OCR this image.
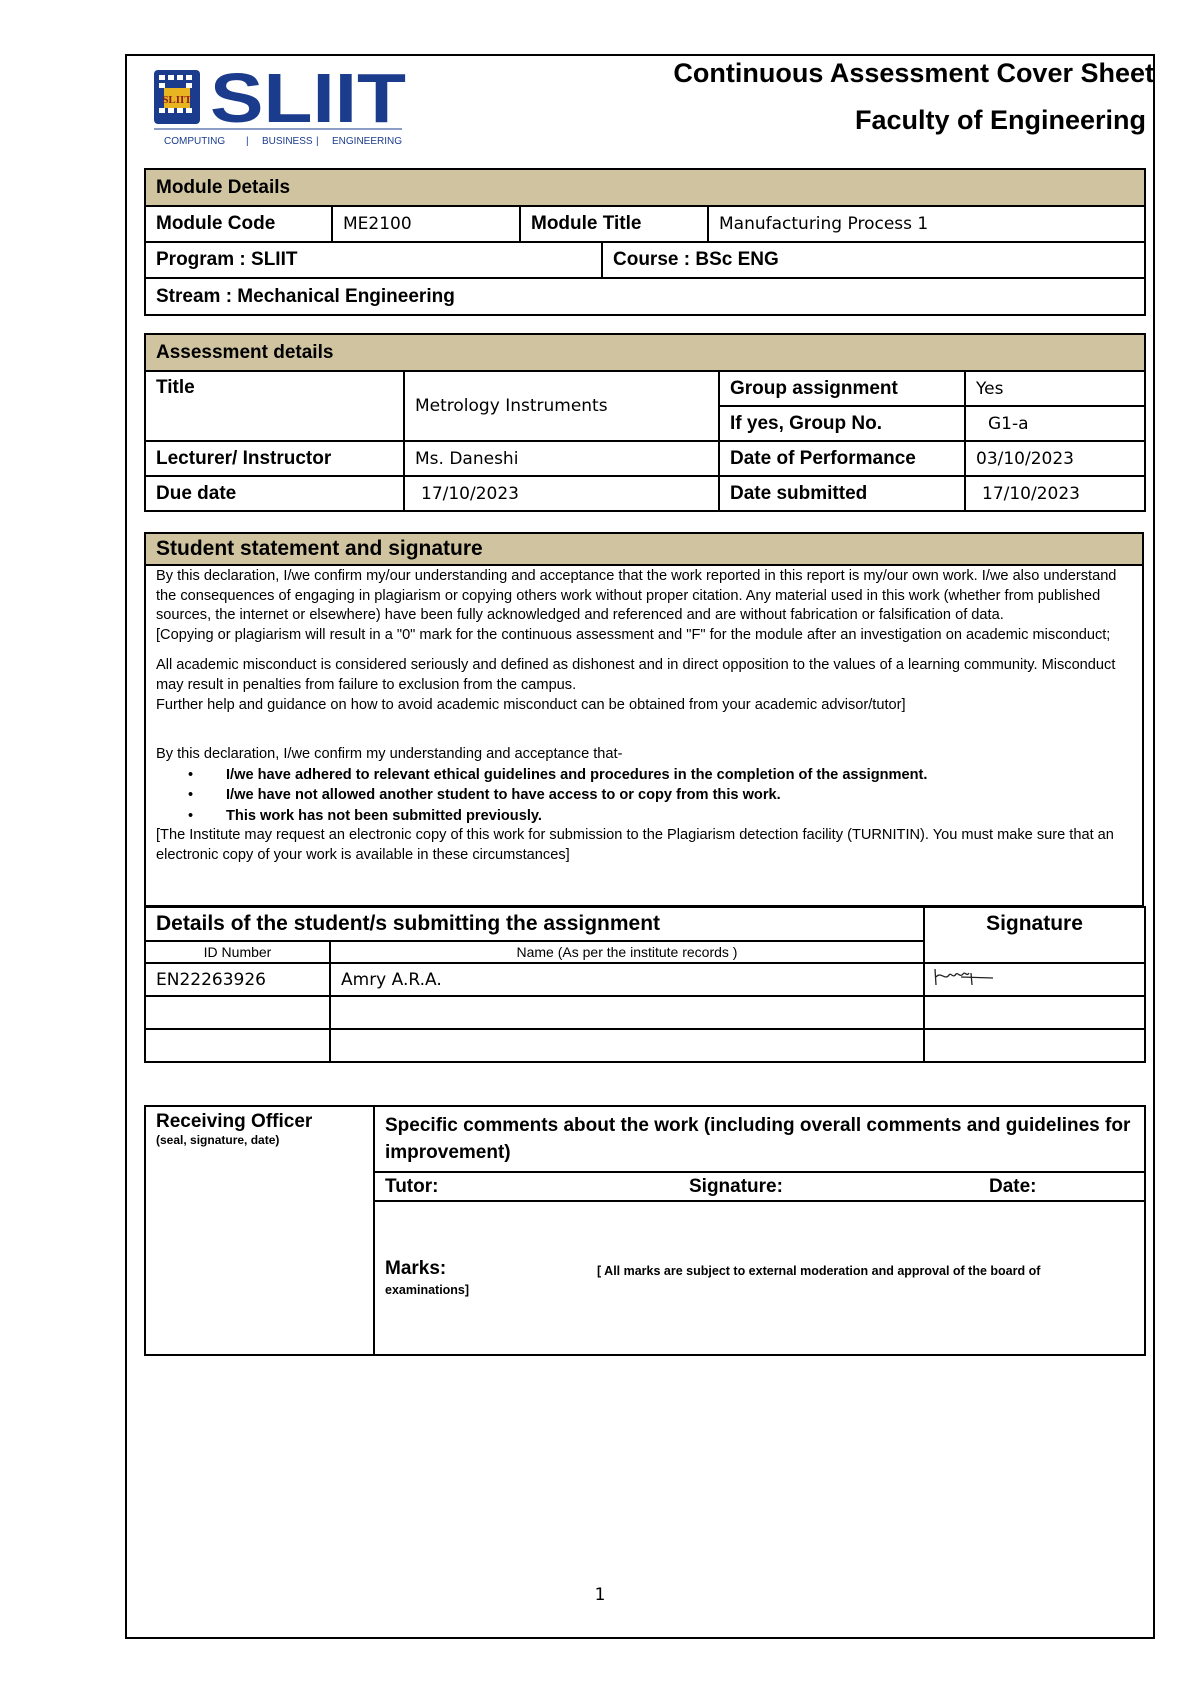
SLIIT SLIIT
COMPUTING | BUSINESS | ENGINEERING
Continuous Assessment Cover Sheet
Faculty of Engineering
Module Details				
Module Code	ME2100	Module Title		Manufacturing Process 1
Program : SLIIT			Course : BSc ENG	
Stream : Mechanical Engineering				
Assessment details			
Title	Metrology Instruments	Group assignment	Yes
		If yes, Group No.	G1-a
Lecturer/ Instructor	Ms. Daneshi	Date of Performance	03/10/2023
Due date	17/10/2023	Date submitted	17/10/2023
Student statement and signature

By this declaration, I/we confirm my/our understanding and acceptance that the work reported in this report is my/our own work. I/we also understand the consequences of engaging in plagiarism or copying others work without proper citation. Any material used in this work (whether from published sources, the internet or elsewhere) have been fully acknowledged and referenced and are without fabrication or falsification of data.

[Copying or plagiarism will result in a "0" mark for the continuous assessment and "F" for the module after an investigation on academic misconduct;

All academic misconduct is considered seriously and defined as dishonest and in direct opposition to the values of a learning community. Misconduct may result in penalties from failure to exclusion from the campus.

Further help and guidance on how to avoid academic misconduct can be obtained from your academic advisor/tutor]

By this declaration, I/we confirm my understanding and acceptance that-

• I/we have adhered to relevant ethical guidelines and procedures in the completion of the assignment.
• I/we have not allowed another student to have access to or copy from this work.
• This work has not been submitted previously.

[The Institute may request an electronic copy of this work for submission to the Plagiarism detection facility (TURNITIN). You must make sure that an electronic copy of your work is available in these circumstances]

Details of the student/s submitting the assignment		Signature
ID Number	Name (As per the institute records )	
EN22263926	Amry A.R.A.	

Receiving Officer
(seal, signature, date)
	Specific comments about the work (including overall comments and guidelines for improvement)
Tutor:	Signature:	Date:

Marks:	[ All marks are subject to external moderation and approval of the board of examinations]
1
